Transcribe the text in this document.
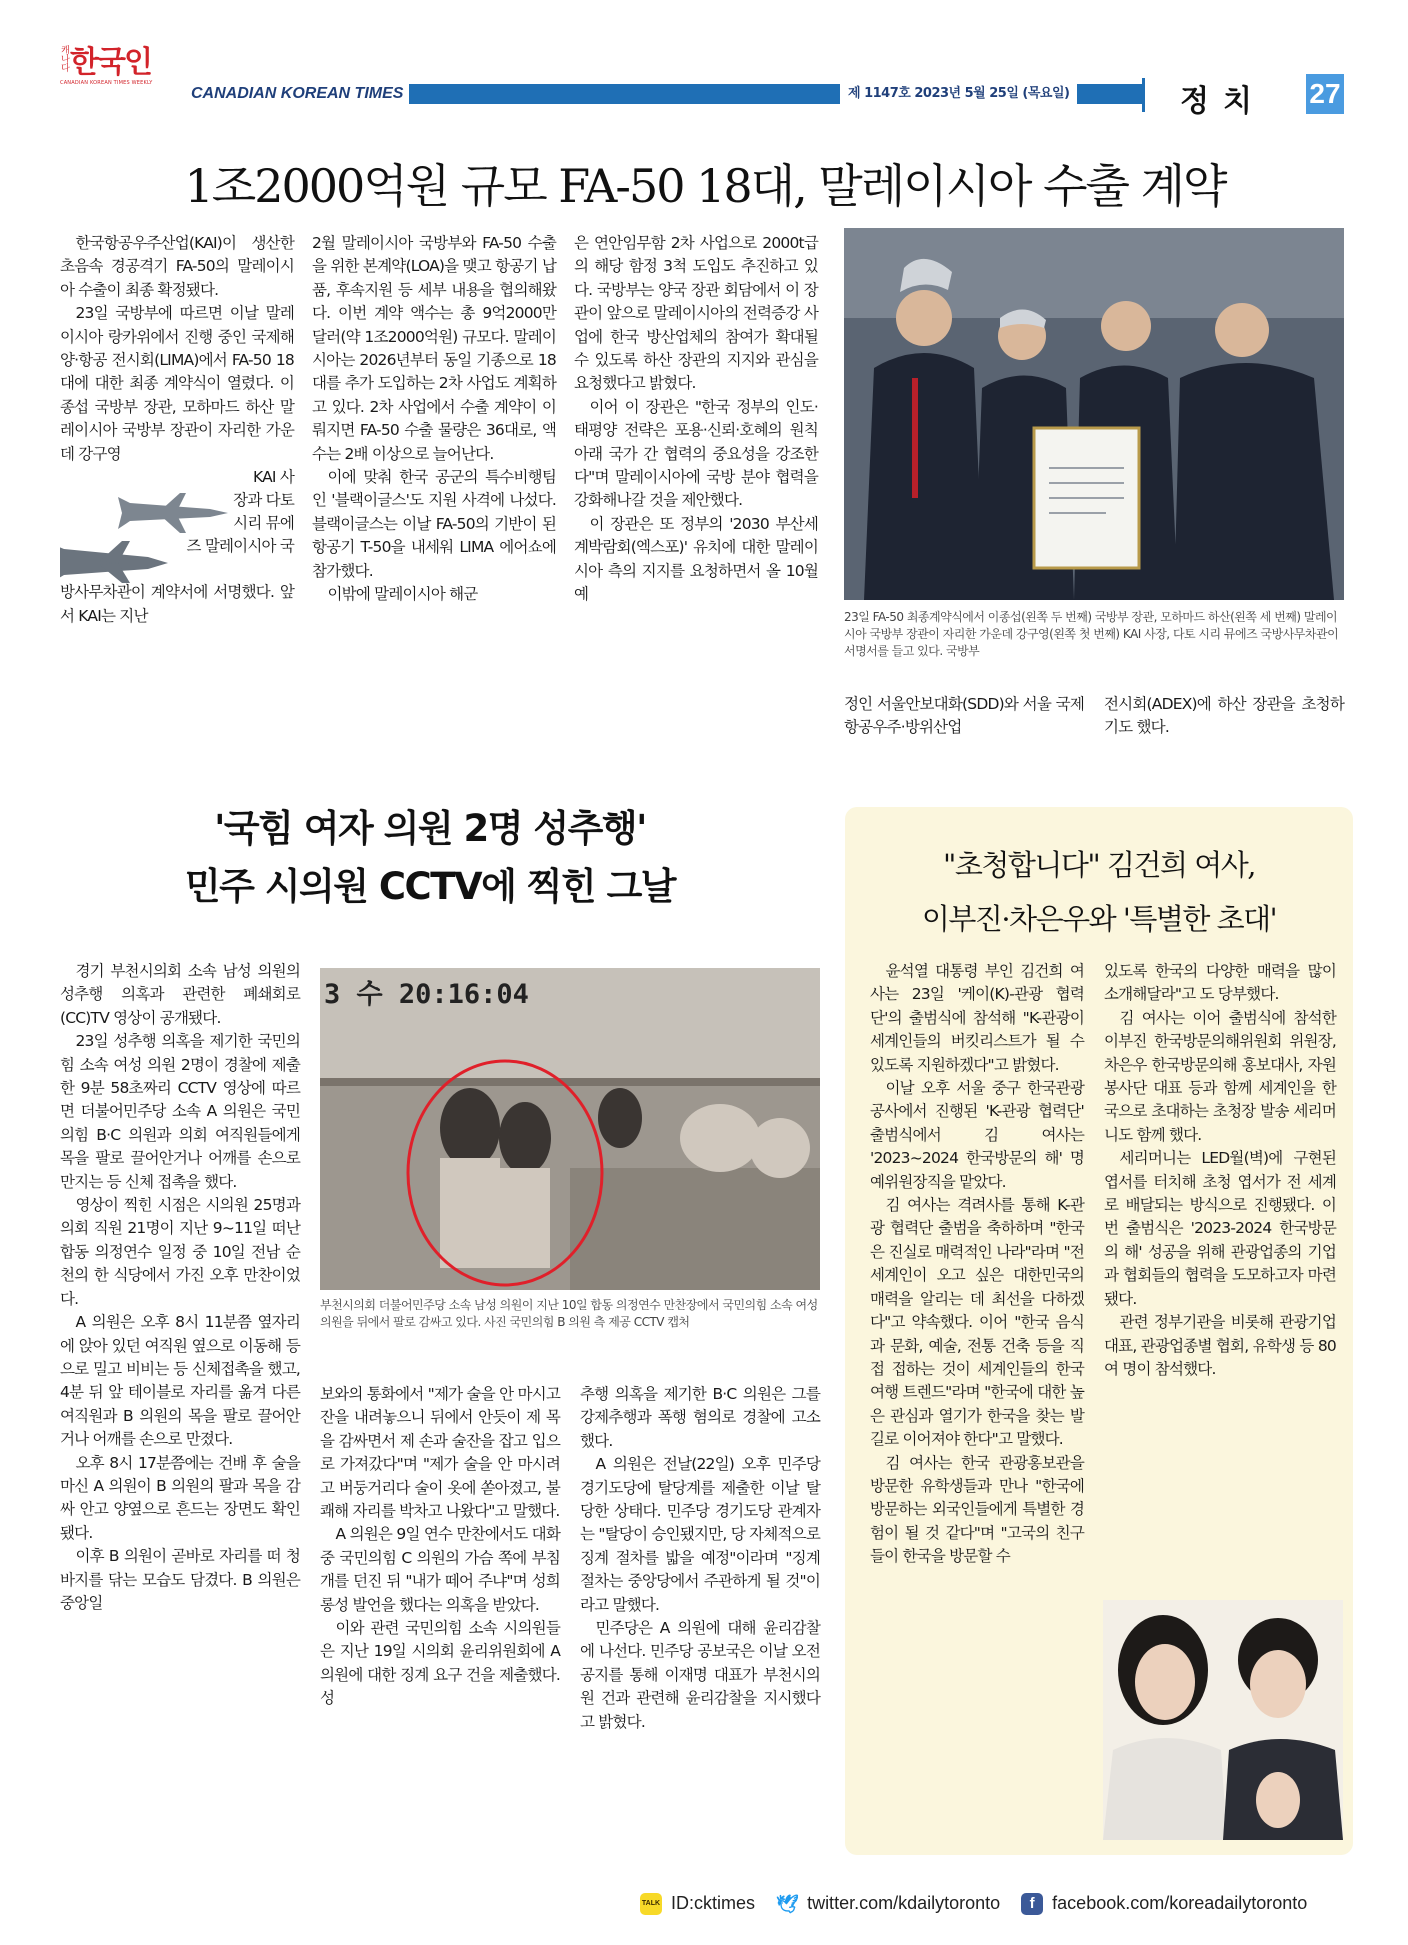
캐나다 한국인
CANADIAN KOREAN TIMES WEEKLY
CANADIAN KOREAN TIMES	제 1147호 2023년 5월 25일 (목요일)	정치 27
1조2000억원 규모 FA-50 18대, 말레이시아 수출 계약

한국항공우주산업(KAI)이 생산한 초음속 경공격기 FA-50의 말레이시아 수출이 최종 확정됐다.

23일 국방부에 따르면 이날 말레이시아 랑카위에서 진행 중인 국제해양·항공 전시회(LIMA)에서 FA-50 18대에 대한 최종 계약식이 열렸다. 이종섭 국방부 장관, 모하마드 하산 말레이시아 국방부 장관이 자리한 가운데 강구영

KAI 사
장과 다토
시리 뮤에
즈 말레이시아 국
방사무차관이 계약서에 서명했다. 앞서 KAI는 지난
2월 말레이시아 국방부와 FA-50 수출을 위한 본계약(LOA)을 맺고 항공기 납품, 후속지원 등 세부 내용을 협의해왔다. 이번 계약 액수는 총 9억2000만 달러(약 1조2000억원) 규모다. 말레이시아는 2026년부터 동일 기종으로 18대를 추가 도입하는 2차 사업도 계획하고 있다. 2차 사업에서 수출 계약이 이뤄지면 FA-50 수출 물량은 36대로, 액수는 2배 이상으로 늘어난다.

이에 맞춰 한국 공군의 특수비행팀인 '블랙이글스'도 지원 사격에 나섰다. 블랙이글스는 이날 FA-50의 기반이 된 항공기 T-50을 내세워 LIMA 에어쇼에 참가했다.

이밖에 말레이시아 해군

은 연안임무함 2차 사업으로 2000t급의 해당 함정 3척 도입도 추진하고 있다. 국방부는 양국 장관 회담에서 이 장관이 앞으로 말레이시아의 전력증강 사업에 한국 방산업체의 참여가 확대될 수 있도록 하산 장관의 지지와 관심을 요청했다고 밝혔다.

이어 이 장관은 "한국 정부의 인도·태평양 전략은 포용·신뢰·호혜의 원칙 아래 국가 간 협력의 중요성을 강조한다"며 말레이시아에 국방 분야 협력을 강화해나갈 것을 제안했다.

이 장관은 또 정부의 '2030 부산세계박람회(엑스포)' 유치에 대한 말레이시아 측의 지지를 요청하면서 올 10월 예

23일 FA-50 최종계약식에서 이종섭(왼쪽 두 번째) 국방부 장관, 모하마드 하산(왼쪽 세 번째) 말레이시아 국방부 장관이 자리한 가운데 강구영(왼쪽 첫 번째) KAI 사장, 다토 시리 뮤에즈 국방사무차관이 서명서를 들고 있다. 국방부
정인 서울안보대화(SDD)와 서울 국제항공우주·방위산업
전시회(ADEX)에 하산 장관을 초청하기도 했다.
'국힘 여자 의원 2명 성추행'
민주 시의원 CCTV에 찍힌 그날

경기 부천시의회 소속 남성 의원의 성추행 의혹과 관련한 폐쇄회로(CC)TV 영상이 공개됐다.

23일 성추행 의혹을 제기한 국민의힘 소속 여성 의원 2명이 경찰에 제출한 9분 58초짜리 CCTV 영상에 따르면 더불어민주당 소속 A 의원은 국민의힘 B·C 의원과 의회 여직원들에게 목을 팔로 끌어안거나 어깨를 손으로 만지는 등 신체 접촉을 했다.

영상이 찍힌 시점은 시의원 25명과 의회 직원 21명이 지난 9~11일 떠난 합동 의정연수 일정 중 10일 전남 순천의 한 식당에서 가진 오후 만찬이었다.

A 의원은 오후 8시 11분쯤 옆자리에 앉아 있던 여직원 옆으로 이동해 등으로 밀고 비비는 등 신체접촉을 했고, 4분 뒤 앞 테이블로 자리를 옮겨 다른 여직원과 B 의원의 목을 팔로 끌어안거나 어깨를 손으로 만졌다.

오후 8시 17분쯤에는 건배 후 술을 마신 A 의원이 B 의원의 팔과 목을 감싸 안고 양옆으로 흔드는 장면도 확인됐다.

이후 B 의원이 곧바로 자리를 떠 청바지를 닦는 모습도 담겼다. B 의원은 중앙일

3 수 20:16:04
부천시의회 더불어민주당 소속 남성 의원이 지난 10일 합동 의정연수 만찬장에서 국민의힘 소속 여성 의원을 뒤에서 팔로 감싸고 있다. 사진 국민의힘 B 의원 측 제공 CCTV 캡처
보와의 통화에서 "제가 술을 안 마시고 잔을 내려놓으니 뒤에서 안듯이 제 목을 감싸면서 제 손과 술잔을 잡고 입으로 가져갔다"며 "제가 술을 안 마시려고 버둥거리다 술이 옷에 쏟아졌고, 불쾌해 자리를 박차고 나왔다"고 말했다.

A 의원은 9일 연수 만찬에서도 대화 중 국민의힘 C 의원의 가슴 쪽에 부침개를 던진 뒤 "내가 떼어 주냐"며 성희롱성 발언을 했다는 의혹을 받았다.

이와 관련 국민의힘 소속 시의원들은 지난 19일 시의회 윤리위원회에 A 의원에 대한 징계 요구 건을 제출했다. 성

추행 의혹을 제기한 B·C 의원은 그를 강제추행과 폭행 혐의로 경찰에 고소했다.

A 의원은 전날(22일) 오후 민주당 경기도당에 탈당계를 제출한 이날 탈당한 상태다. 민주당 경기도당 관계자는 "탈당이 승인됐지만, 당 자체적으로 징계 절차를 밟을 예정"이라며 "징계 절차는 중앙당에서 주관하게 될 것"이라고 말했다.

민주당은 A 의원에 대해 윤리감찰에 나선다. 민주당 공보국은 이날 오전 공지를 통해 이재명 대표가 부천시의원 건과 관련해 윤리감찰을 지시했다고 밝혔다.

"초청합니다" 김건희 여사,
이부진·차은우와 '특별한 초대'

윤석열 대통령 부인 김건희 여사는 23일 '케이(K)-관광 협력단'의 출범식에 참석해 "K-관광이 세계인들의 버킷리스트가 될 수 있도록 지원하겠다"고 밝혔다.

이날 오후 서울 중구 한국관광공사에서 진행된 'K-관광 협력단' 출범식에서 김 여사는 '2023~2024 한국방문의 해' 명예위원장직을 맡았다.

김 여사는 격려사를 통해 K-관광 협력단 출범을 축하하며 "한국은 진실로 매력적인 나라"라며 "전 세계인이 오고 싶은 대한민국의 매력을 알리는 데 최선을 다하겠다"고 약속했다. 이어 "한국 음식과 문화, 예술, 전통 건축 등을 직접 접하는 것이 세계인들의 한국 여행 트렌드"라며 "한국에 대한 높은 관심과 열기가 한국을 찾는 발길로 이어져야 한다"고 말했다.

김 여사는 한국 관광홍보관을 방문한 유학생들과 만나 "한국에 방문하는 외국인들에게 특별한 경험이 될 것 같다"며 "고국의 친구들이 한국을 방문할 수

있도록 한국의 다양한 매력을 많이 소개해달라"고 도 당부했다.

김 여사는 이어 출범식에 참석한 이부진 한국방문의해위원회 위원장, 차은우 한국방문의해 홍보대사, 자원봉사단 대표 등과 함께 세계인을 한국으로 초대하는 초청장 발송 세리머니도 함께 했다.

세리머니는 LED월(벽)에 구현된 엽서를 터치해 초청 엽서가 전 세계로 배달되는 방식으로 진행됐다. 이번 출범식은 '2023-2024 한국방문의 해' 성공을 위해 관광업종의 기업과 협회들의 협력을 도모하고자 마련됐다.

관련 정부기관을 비롯해 관광기업 대표, 관광업종별 협회, 유학생 등 80여 명이 참석했다.

TALK ID:cktimes 🕊 twitter.com/kdailytoronto f facebook.com/koreadailytoronto
